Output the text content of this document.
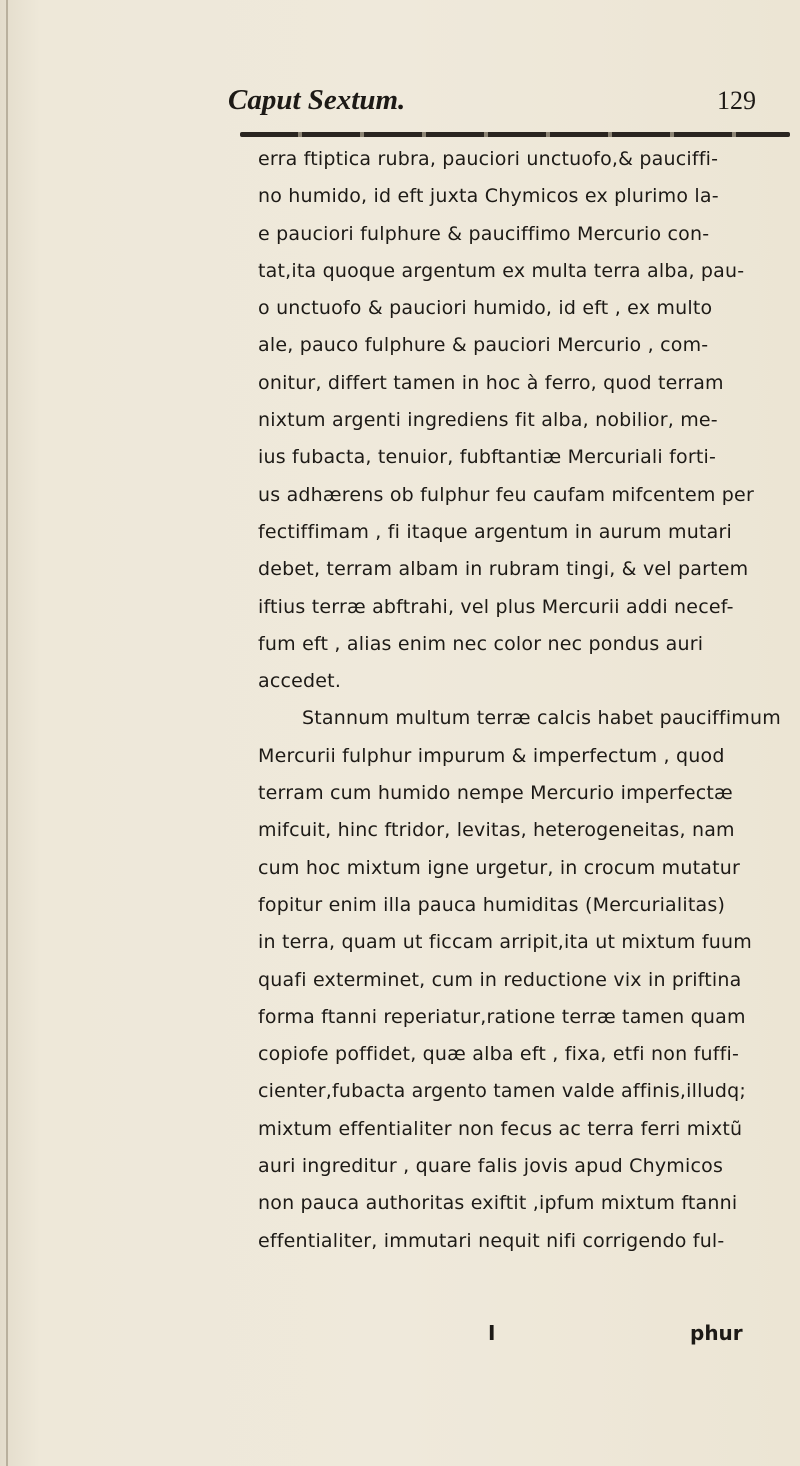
Caput Sextum.	129
erra ftiptica rubra, pauciori unctuofo,& pauciffi-
no humido, id eft juxta Chymicos ex plurimo la-
e pauciori fulphure & pauciffimo Mercurio con-
tat,ita quoque argentum ex multa terra alba, pau-
o unctuofo & pauciori humido, id eft , ex multo
ale, pauco fulphure & pauciori Mercurio , com-
onitur, differt tamen in hoc à ferro, quod terram
nixtum argenti ingrediens fit alba, nobilior, me-
ius fubacta, tenuior, fubftantiæ Mercuriali forti-
us adhærens ob fulphur feu caufam mifcentem per
fectiffimam , fi itaque argentum in aurum mutari
debet, terram albam in rubram tingi, & vel partem
iftius terræ abftrahi, vel plus Mercurii addi necef-
fum eft , alias enim nec color nec pondus auri
accedet.
Stannum multum terræ calcis habet pauciffimum
Mercurii fulphur impurum & imperfectum , quod
terram cum humido nempe Mercurio imperfectæ
mifcuit, hinc ftridor, levitas, heterogeneitas, nam
cum hoc mixtum igne urgetur, in crocum mutatur
fopitur enim illa pauca humiditas (Mercurialitas)
in terra, quam ut ficcam arripit,ita ut mixtum fuum
quafi exterminet, cum in reductione vix in priftina
forma ftanni reperiatur,ratione terræ tamen quam
copiofe poffidet, quæ alba eft , fixa, etfi non fuffi-
cienter,fubacta argento tamen valde affinis,illudq;
mixtum effentialiter non fecus ac terra ferri mixtũ
auri ingreditur , quare falis jovis apud Chymicos
non pauca authoritas exiftit ,ipfum mixtum ftanni
effentialiter, immutari nequit nifi corrigendo ful-
I	phur
